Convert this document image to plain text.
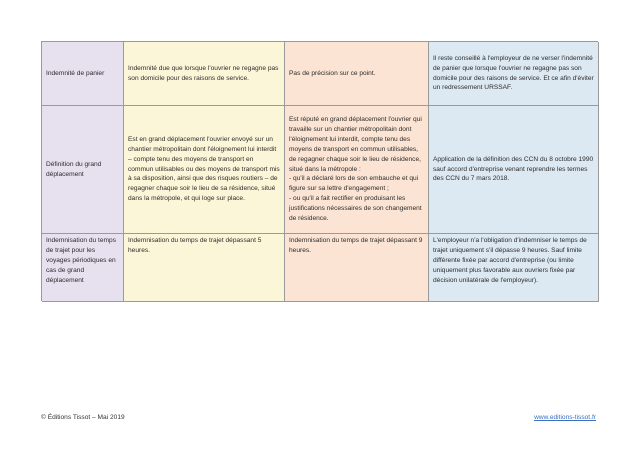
Indemnité de panier
Indemnité due que lorsque l'ouvrier ne regagne pas son domicile pour des raisons de service.
Pas de précision sur ce point.
Il reste conseillé à l'employeur de ne verser l'indemnité de panier que lorsque l'ouvrier ne regagne pas son domicile pour des raisons de service. Et ce afin d'éviter un redressement URSSAF.
Définition du grand déplacement
Est en grand déplacement l'ouvrier envoyé sur un chantier métropolitain dont l'éloignement lui interdit – compte tenu des moyens de transport en commun utilisables ou des moyens de transport mis à sa disposition, ainsi que des risques routiers – de regagner chaque soir le lieu de sa résidence, situé dans la métropole, et qui loge sur place.
Est réputé en grand déplacement l'ouvrier qui travaille sur un chantier métropolitain dont l'éloignement lui interdit, compte tenu des moyens de transport en commun utilisables, de regagner chaque soir le lieu de résidence, situé dans la métropole :
- qu'il a déclaré lors de son embauche et qui figure sur sa lettre d'engagement ;
- ou qu'il a fait rectifier en produisant les justifications nécessaires de son changement de résidence.
Application de la définition des CCN du 8 octobre 1990 sauf accord d'entreprise venant reprendre les termes des CCN du 7 mars 2018.
Indemnisation du temps de trajet pour les voyages périodiques en cas de grand déplacement
Indemnisation du temps de trajet dépassant 5 heures.
Indemnisation du temps de trajet dépassant 9 heures.
L'employeur n'a l'obligation d'indemniser le temps de trajet uniquement s'il dépasse 9 heures. Sauf limite différente fixée par accord d'entreprise (ou limite uniquement plus favorable aux ouvriers fixée par décision unilatérale de l'employeur).
© Éditions Tissot – Mai 2019	www.editions-tissot.fr
